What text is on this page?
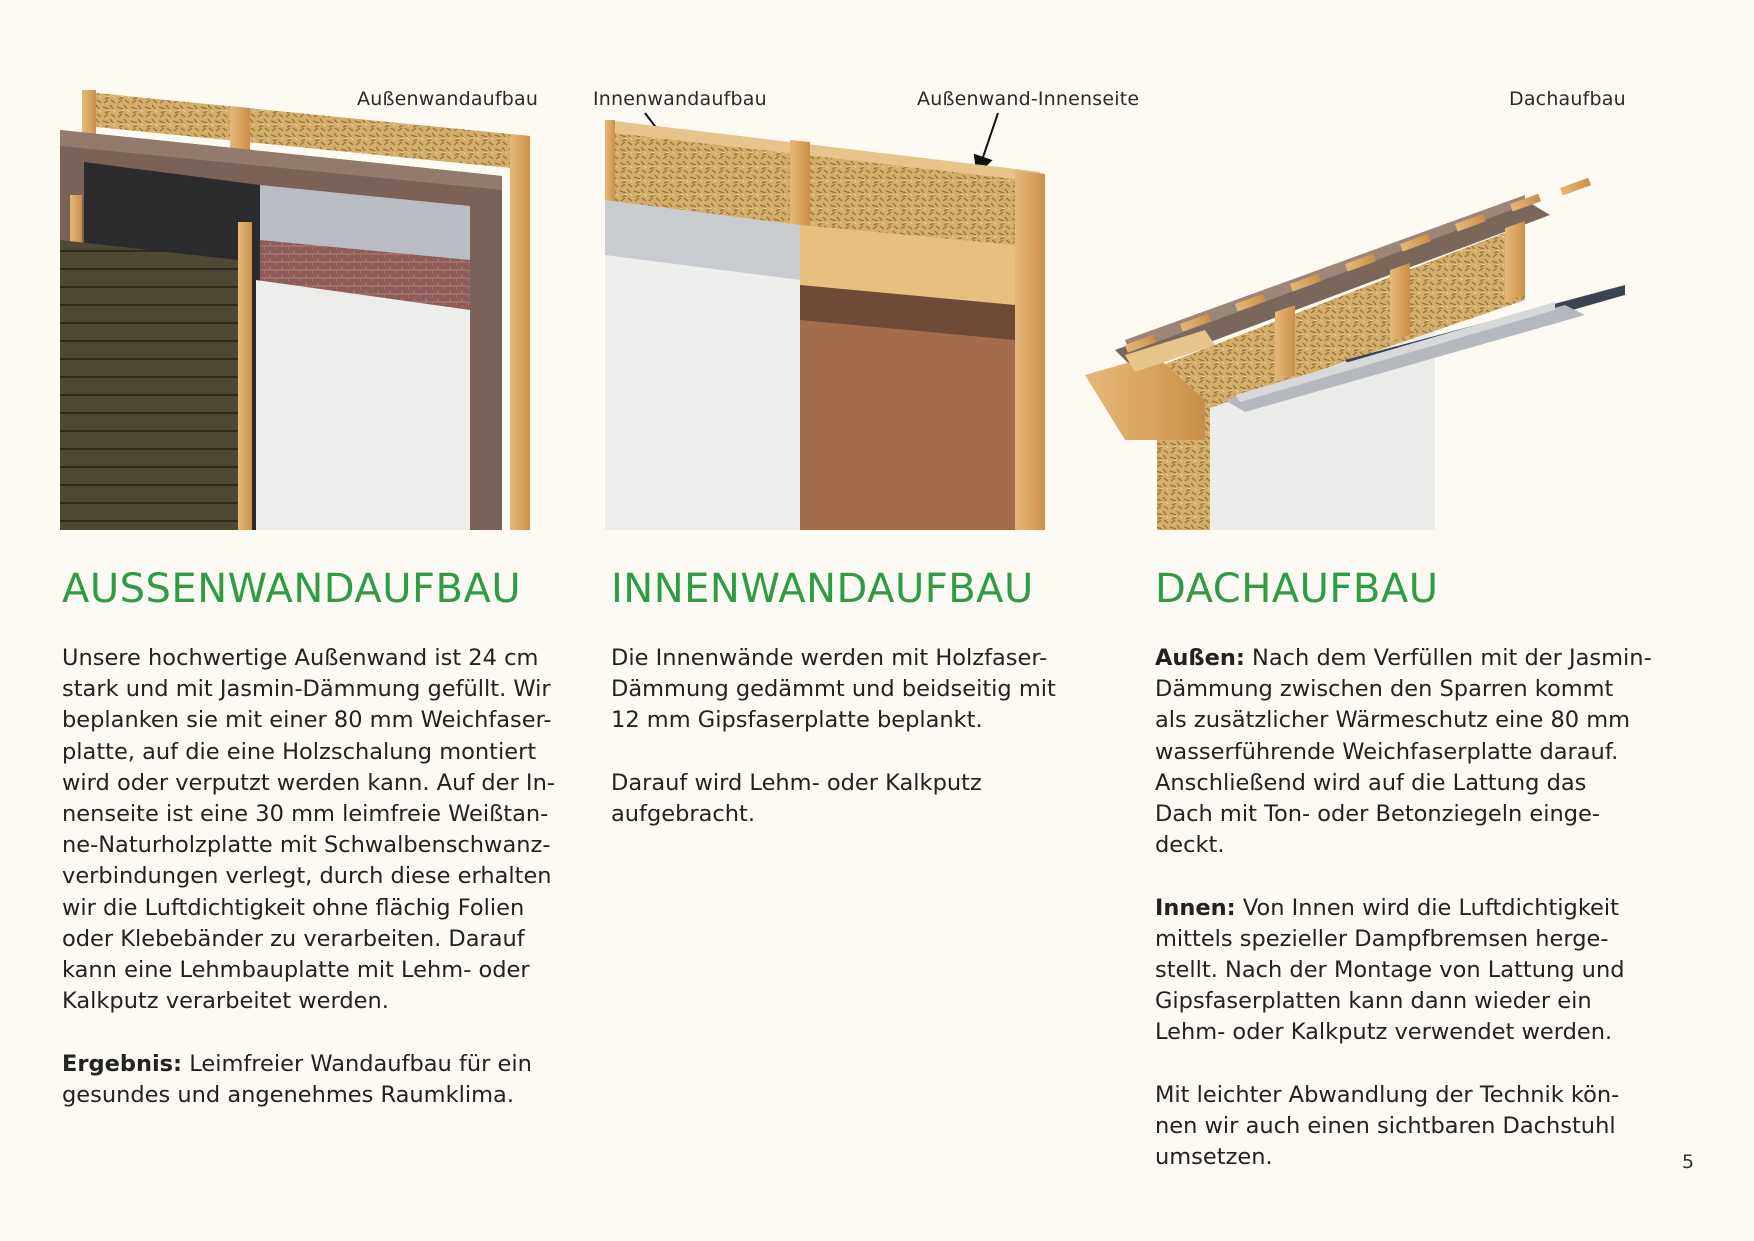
Außenwandaufbau	Innenwandaufbau	Außenwand-Innenseite	Dachaufbau
AUSSENWANDAUFBAU

Unsere hochwertige Außenwand ist 24 cm
stark und mit Jasmin-Dämmung gefüllt. Wir
beplanken sie mit einer 80 mm Weichfaser-
platte, auf die eine Holzschalung montiert
wird oder verputzt werden kann. Auf der In-
nenseite ist eine 30 mm leimfreie Weißtan-
ne-Naturholzplatte mit Schwalbenschwanz-
verbindungen verlegt, durch diese erhalten
wir die Luftdichtigkeit ohne flächig Folien
oder Klebebänder zu verarbeiten. Darauf
kann eine Lehmbauplatte mit Lehm- oder
Kalkputz verarbeitet werden.

Ergebnis: Leimfreier Wandaufbau für ein
gesundes und angenehmes Raumklima.

INNENWANDAUFBAU

Die Innenwände werden mit Holzfaser-
Dämmung gedämmt und beidseitig mit
12 mm Gipsfaserplatte beplankt.

Darauf wird Lehm- oder Kalkputz
aufgebracht.

DACHAUFBAU

Außen: Nach dem Verfüllen mit der Jasmin-
Dämmung zwischen den Sparren kommt
als zusätzlicher Wärmeschutz eine 80 mm
wasserführende Weichfaserplatte darauf.
Anschließend wird auf die Lattung das
Dach mit Ton- oder Betonziegeln einge-
deckt.

Innen: Von Innen wird die Luftdichtigkeit
mittels spezieller Dampfbremsen herge-
stellt. Nach der Montage von Lattung und
Gipsfaserplatten kann dann wieder ein
Lehm- oder Kalkputz verwendet werden.

Mit leichter Abwandlung der Technik kön-
nen wir auch einen sichtbaren Dachstuhl
umsetzen.	5
